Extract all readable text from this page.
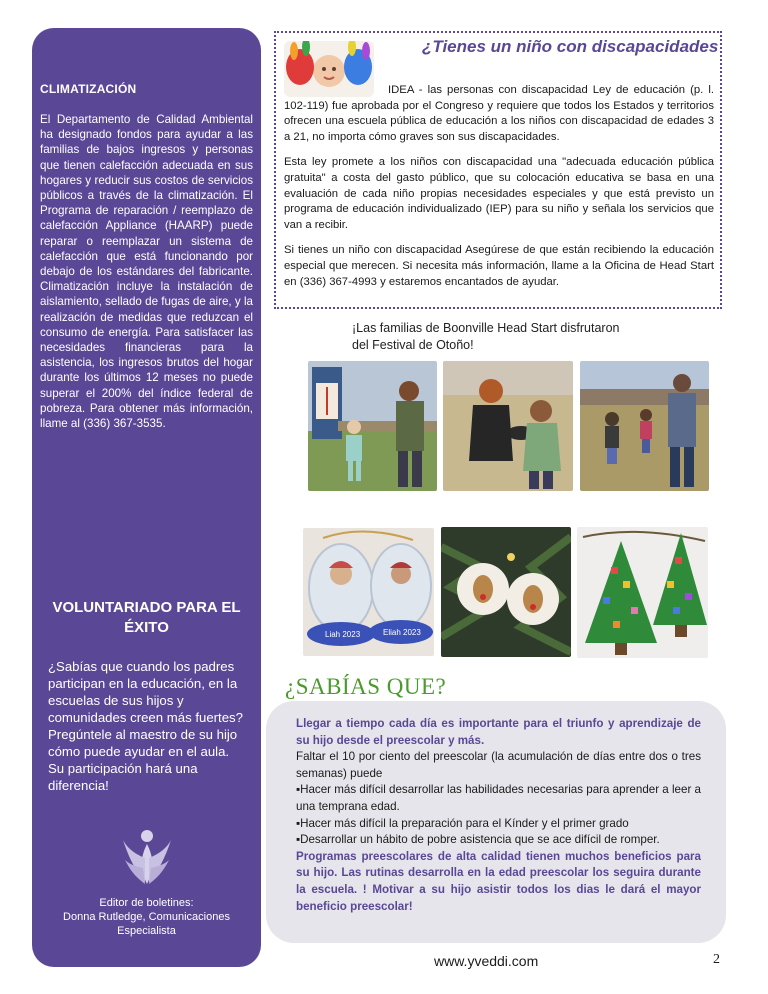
CLIMATIZACIÓN
El Departamento de Calidad Ambiental ha designado fondos para ayudar a las familias de bajos ingresos y personas que tienen calefacción adecuada en sus hogares y reducir sus costos de servicios públicos a través de la climatización. El Programa de reparación / reemplazo de calefacción Appliance (HAARP) puede reparar o reemplazar un sistema de calefacción que está funcionando por debajo de los estándares del fabricante. Climatización incluye la instalación de aislamiento, sellado de fugas de aire, y la realización de medidas que reduzcan el consumo de energía. Para satisfacer las necesidades financieras para la asistencia, los ingresos brutos del hogar durante los últimos 12 meses no puede superar el 200% del índice federal de pobreza. Para obtener más información, llame al (336) 367-3535.
VOLUNTARIADO PARA EL ÉXITO

¿Sabías que cuando los padres participan en la educación, en la escuelas de sus hijos y comunidades creen más fuertes?

Pregúntele al maestro de su hijo cómo puede ayudar en el aula.

Su participación hará una diferencia!

Editor de boletines:

Donna Rutledge, Comunicaciones

Especialista

¿Tienes un niño con discapacidades

IDEA - las personas con discapacidad Ley de educación (p. l. 102-119) fue aprobada por el Congreso y requiere que todos los Estados y territorios ofrecen una escuela pública de educación a los niños con discapacidad de edades 3 a 21, no importa cómo graves son sus discapacidades.

Esta ley promete a los niños con discapacidad una "adecuada educación pública gratuita" a costa del gasto público, que su colocación educativa se basa en una evaluación de cada niño propias necesidades especiales y que está previsto un programa de educación individualizado (IEP) para su niño y señala los servicios que van a recibir.

Si tienes un niño con discapacidad Asegúrese de que están recibiendo la educación especial que merecen. Si necesita más información, llame a la Oficina de Head Start en (336) 367-4993 y estaremos encantados de ayudar.

¡Las familias de Boonville Head Start disfrutaron
del Festival de Otoño!
Liah 2023	Eliah 2023
¿SABÍAS QUE?

Llegar a tiempo cada día es importante para el triunfo y aprendizaje de su hijo desde el preescolar y más.

Faltar el 10 por ciento del preescolar (la acumulación de días entre dos o tres semanas) puede

▪Hacer más difícil desarrollar las habilidades necesarias para aprender a leer a una temprana edad.

▪Hacer más difícil la preparación para el Kínder y el primer grado

▪Desarrollar un hábito de pobre asistencia que se ace difícil de romper.

Programas preescolares de alta calidad tienen muchos beneficios para su hijo. Las rutinas desarrolla en la edad preescolar los seguira durante la escuela. ! Motivar a su hijo asistir todos los dias le dará el mayor beneficio preescolar!

www.yveddi.com	2
